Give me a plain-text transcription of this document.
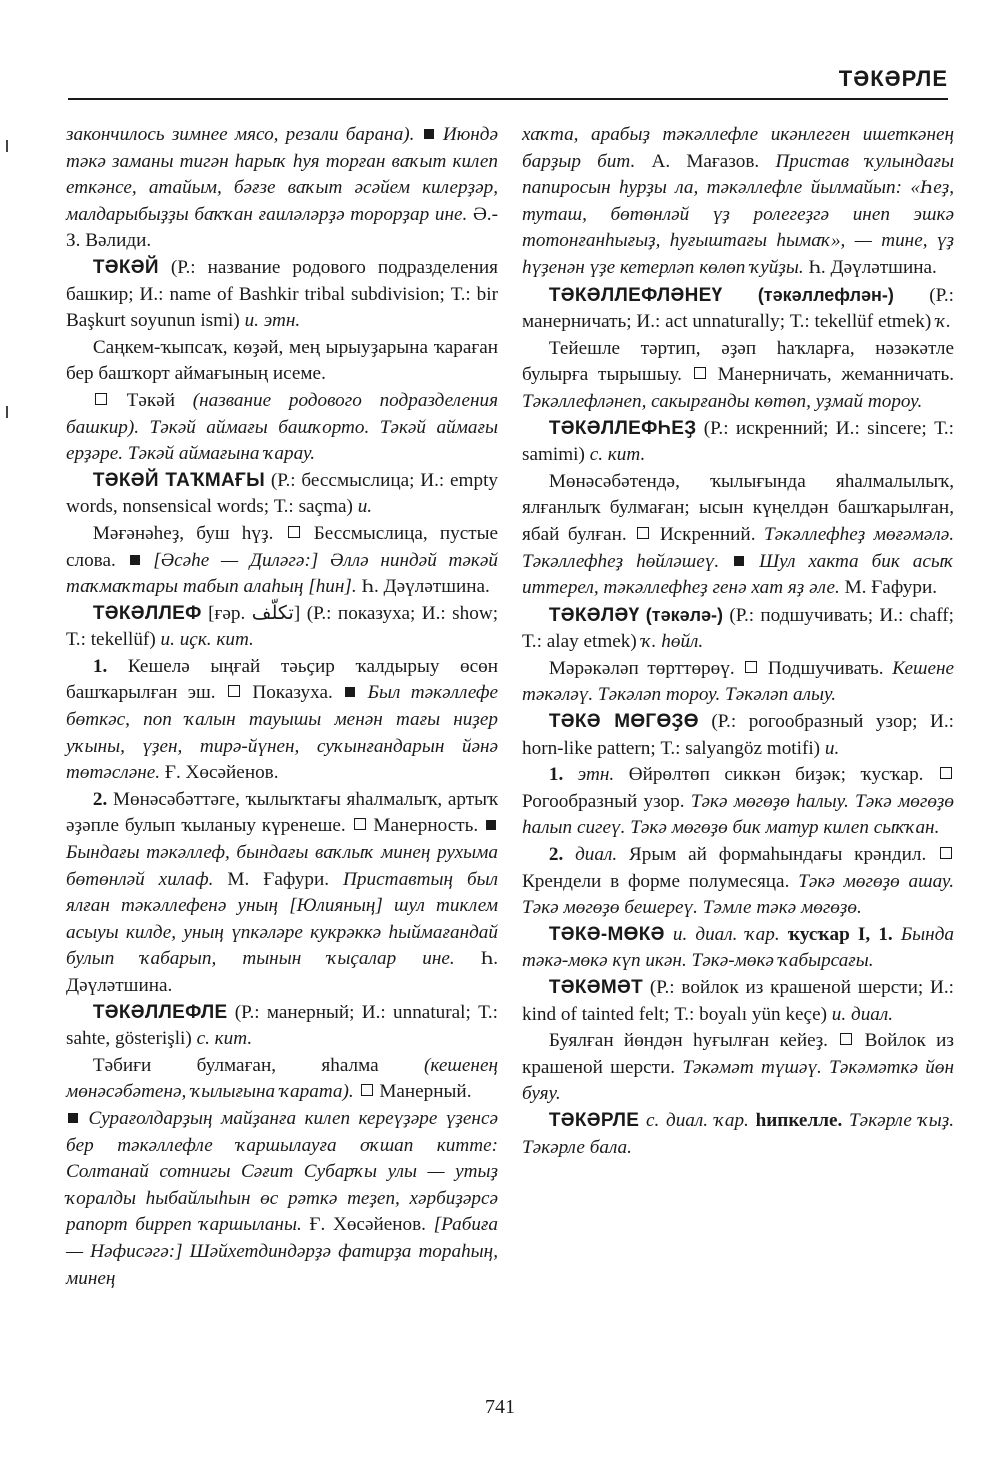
ТӘКӘРЛЕ

закончилось зимнее мясо, резали барана). Июндә тәкә заманы тигән һарыҡ һуя торған ваҡыт килеп еткәнсе, атайым, бәғзе ваҡыт әсәйем килерҙәр, малдарыбыҙҙы баҡҡан ғаиләләрҙә торорҙар ине. Ә.-З. Вәлиди.

ТӘКӘЙ (Р.: название родового подразделения башкир; И.: name of Bashkir tribal subdivision; Т.: bir Başkurt soyunun ismi) и. этн.

Саңкем-ҡыпсаҡ, көҙәй, мең ырыуҙарына ҡараған бер башҡорт аймағының исеме.

Тәкәй (название родового подразделения башкир). Тәкәй аймағы башҡорто. Тәкәй аймағы ерҙәре. Тәкәй аймағына ҡарау.

ТӘКӘЙ ТАҠМАҒЫ (Р.: бессмыслица; И.: empty words, nonsensical words; Т.: saçma) и.

Мәғәнәһеҙ, буш һүҙ. Бессмыслица, пустые слова. [Әсәһе — Диләгә:] Әллә ниндәй тәкәй таҡмаҡтары табып алаһың [һин]. Һ. Дәүләтшина.

ТӘКӘЛЛЕФ [ғәр. تكلّف] (Р.: показуха; И.: show; Т.: tekellüf) и. иҫк. кит.

1. Кешелә ыңғай тәьҫир ҡалдырыу өсөн башҡарылған эш. Показуха. Был тәкәллефе бөткәс, поп ҡалын тауышы менән тағы ниҙер уҡыны, үҙен, тирә-йүнен, суҡынғандарын йәнә төтәсләне. Ғ. Хөсәйенов.

2. Мөнәсәбәттәге, ҡылыҡтағы яһалмалыҡ, артыҡ әҙәпле булып ҡыланыу күренеше. Манерность.  Бындағы тәкәллеф, бындағы ваҡлыҡ минең рухыма бөтөнләй хилаф. М. Ғафури. Приставтың был ялған тәкәллефенә уның [Юлияның] шул тиклем асыуы килде, уның үпкәләре кукрәккә һыймағандай булып ҡабарып, тынын ҡыҫалар ине. Һ. Дәүләтшина.

ТӘКӘЛЛЕФЛЕ (Р.: манерный; И.: unnatural; Т.: sahte, gösterişli) с. кит.

Тәбиғи булмаған, яһалма (кешенең мөнәсәбәтенә, ҡылығына ҡарата). Манерный.

Сурағолдарҙың майҙанға килеп кереүҙәре үҙенсә бер тәкәллефле ҡаршылауға оҡшап китте: Солтанай сотнигы Сәғит Субарҡы улы — утыҙ ҡоралды һыбайлыһын өс рәткә теҙеп, хәрбиҙәрсә рапорт бирреп ҡаршыланы. Ғ. Хөсәйенов. [Рабиға — Нәфисәгә:] Шәйхетдиндәрҙә фатирҙа тораһың, минең

хаҡта, арабыҙ тәкәллефле икәнлеген ишеткәнең барҙыр бит. А. Мағазов. Пристав ҡулындағы папиросын һурҙы ла, тәкәллефле йылмайып: «Һеҙ, туташ, бөтөнләй үҙ ролегеҙгә инеп эшкә тотонғанһығыҙ, һуғыштағы һымаҡ», — тине, үҙ һүҙенән үҙе кетерләп көлөп ҡуйҙы. Һ. Дәүләтшина.

ТӘКӘЛЛЕФЛӘНЕҮ (тәкәллефлән-) (Р.: манерничать; И.: act unnaturally; Т.: tekellüf etmek) ҡ.

Тейешле тәртип, әҙәп һаҡларға, нәзәкәтле булырға тырышыу. Манерничать, жеманничать. Тәкәллефләнеп, сакырғанды көтөп, уҙмай тороу.

ТӘКӘЛЛЕФҺЕҘ (Р.: искренний; И.: sincere; Т.: samimi) с. кит.

Мөнәсәбәтендә, ҡылығында яһалмалылыҡ, ялғанлыҡ булмаған; ысын күңелдән башҡарылған, ябай булған. Искренний. Тәкәллефһеҙ мөғәмәлә. Тәкәллефһеҙ һөйләшеү. Шул хакта бик асыҡ иттерел, тәкәллефһеҙ генә хат яҙ әле. М. Ғафури.

ТӘКӘЛӘҮ (тәкәлә-) (Р.: подшучивать; И.: chaff; Т.: alay etmek) ҡ. һөйл.

Мәрәкәләп төрттөрөү. Подшучивать. Кешене тәкәләү. Тәкәләп тороу. Тәкәләп алыу.

ТӘКӘ МӨГӨҘӨ (Р.: рогообразный узор; И.: horn-like pattern; Т.: salyangöz motifi) и.

1. этн. Өйрөлтөп сиккән биҙәк; ҡусҡар.  Рогообразный узор. Тәкә мөгөҙө һалыу. Тәкә мөгөҙө һалып сигеү. Тәкә мөгөҙө бик матур килеп сыҡҡан.

2. диал. Ярым ай формаһындағы крәндил.  Крендели в форме полумесяца. Тәкә мөгөҙө ашау. Тәкә мөгөҙө бешереү. Тәмле тәкә мөгөҙө.

ТӘКӘ-МӨКӘ и. диал. ҡар. ҡусҡар I, 1. Бында тәкә-мөкә күп икән. Тәкә-мөкә ҡабырсағы.

ТӘКӘМӘТ (Р.: войлок из крашеной шерсти; И.: kind of tainted felt; Т.: boyalı yün keçe) и. диал.

Буялған йөндән һуғылған кейеҙ. Войлок из крашеной шерсти. Тәкәмәт түшәү. Тәкәмәткә йөн буяу.

ТӘКӘРЛЕ с. диал. ҡар. һипкелле. Тәкәрле ҡыҙ. Тәкәрле бала.

741
